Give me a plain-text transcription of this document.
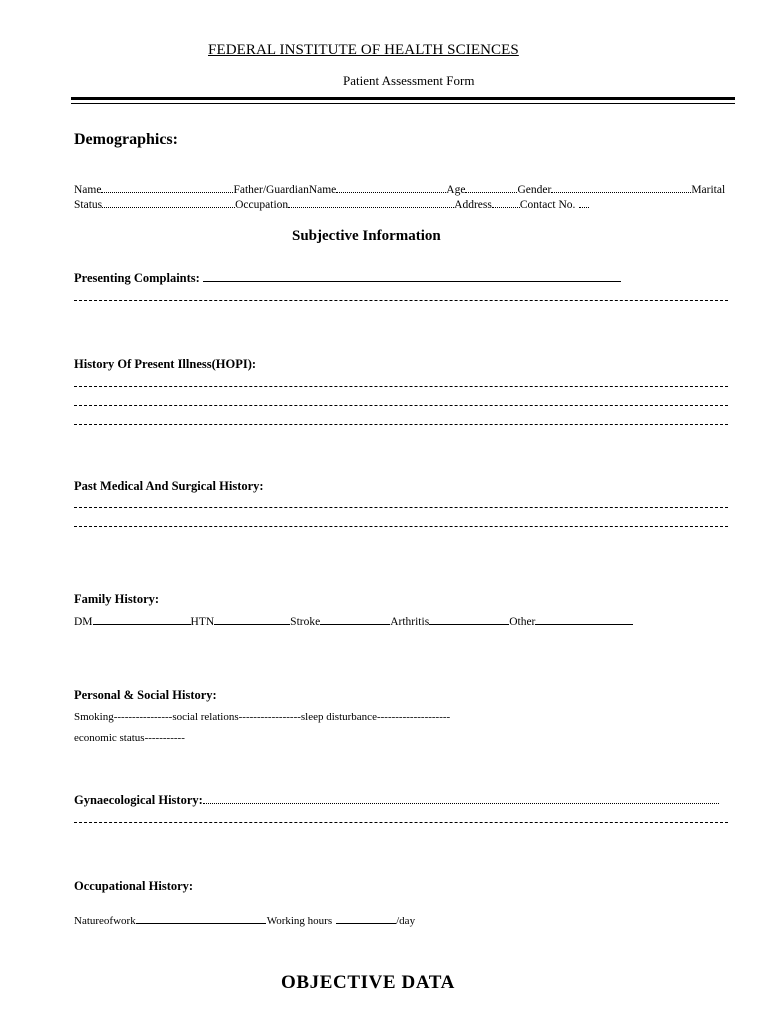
FEDERAL INSTITUTE OF HEALTH SCIENCES
Patient Assessment Form
Demographics:
Name	Father/GuardianName	Age	Gender	Marital
Status	Occupation	Address Contact No.
Subjective Information
Presenting Complaints:
History Of Present Illness(HOPI):
Past Medical And Surgical History:
Family History:
DM	HTN	Stroke	Arthritis	Other
Personal & Social History:
Smoking----------------social relations-----------------sleep disturbance--------------------
economic status-----------
Gynaecological History:
Occupational History:
Natureofwork	Working hours	/day
OBJECTIVE DATA
